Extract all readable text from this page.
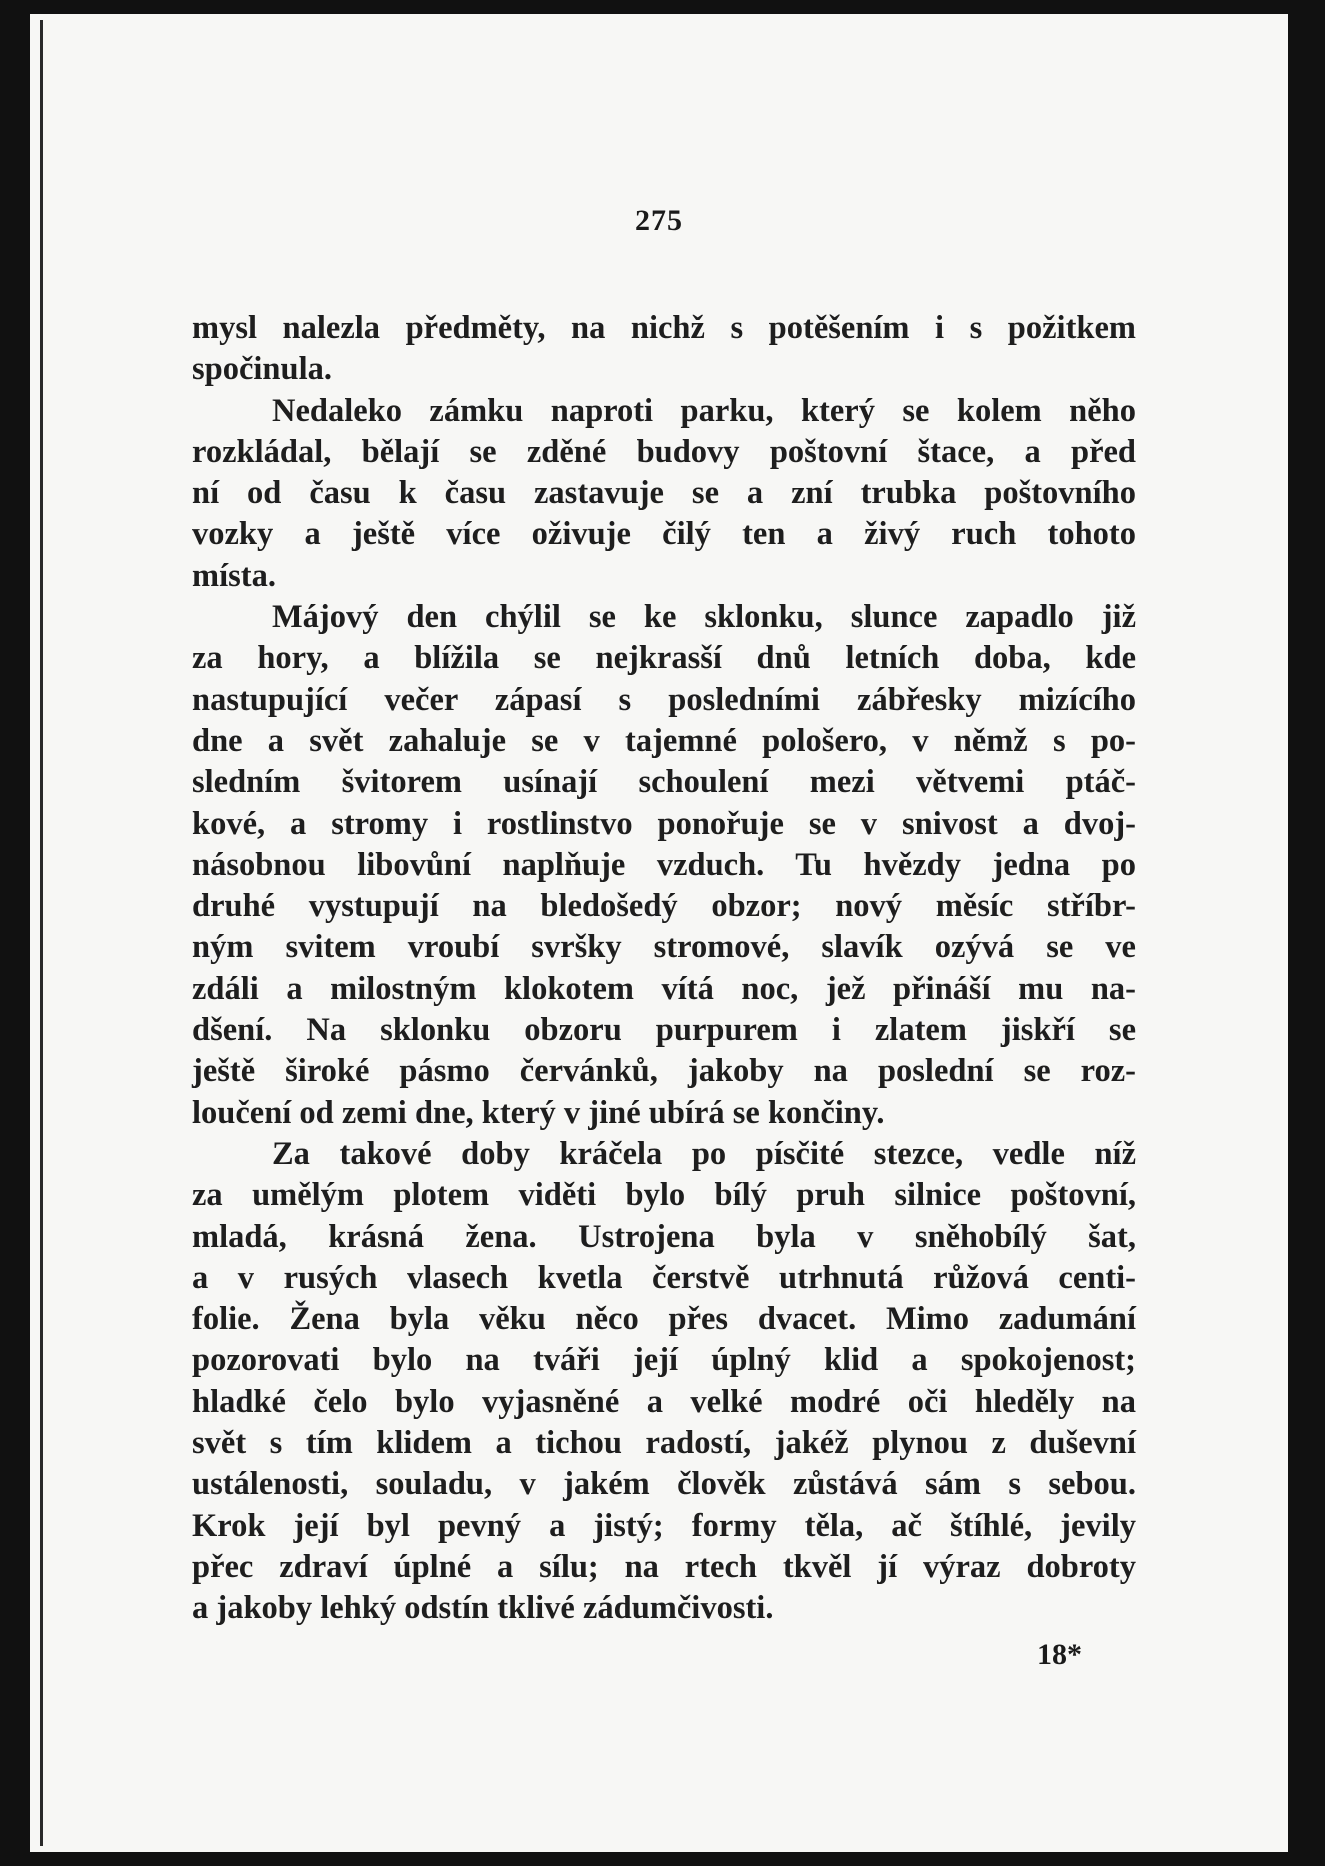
275
mysl nalezla předměty, na nichž s potěšením i s požitkem
spočinula.
Nedaleko zámku naproti parku, který se kolem něho
rozkládal, bělají se zděné budovy poštovní štace, a před
ní od času k času zastavuje se a zní trubka poštovního
vozky a ještě více oživuje čilý ten a živý ruch tohoto
místa.
Májový den chýlil se ke sklonku, slunce zapadlo již
za hory, a blížila se nejkrasší dnů letních doba, kde
nastupující večer zápasí s posledními zábřesky mizícího
dne a svět zahaluje se v tajemné pološero, v němž s po-
sledním švitorem usínají schoulení mezi větvemi ptáč-
kové, a stromy i rostlinstvo ponořuje se v snivost a dvoj-
násobnou libovůní naplňuje vzduch. Tu hvězdy jedna po
druhé vystupují na bledošedý obzor; nový měsíc stříbr-
ným svitem vroubí svršky stromové, slavík ozývá se ve
zdáli a milostným klokotem vítá noc, jež přináší mu na-
dšení. Na sklonku obzoru purpurem i zlatem jiskří se
ještě široké pásmo červánků, jakoby na poslední se roz-
loučení od zemi dne, který v jiné ubírá se končiny.
Za takové doby kráčela po písčité stezce, vedle níž
za umělým plotem viděti bylo bílý pruh silnice poštovní,
mladá, krásná žena. Ustrojena byla v sněhobílý šat,
a v rusých vlasech kvetla čerstvě utrhnutá růžová centi-
folie. Žena byla věku něco přes dvacet. Mimo zadumání
pozorovati bylo na tváři její úplný klid a spokojenost;
hladké čelo bylo vyjasněné a velké modré oči hleděly na
svět s tím klidem a tichou radostí, jakéž plynou z duševní
ustálenosti, souladu, v jakém člověk zůstává sám s sebou.
Krok její byl pevný a jistý; formy těla, ač štíhlé, jevily
přec zdraví úplné a sílu; na rtech tkvěl jí výraz dobroty
a jakoby lehký odstín tklivé zádumčivosti.
18*
